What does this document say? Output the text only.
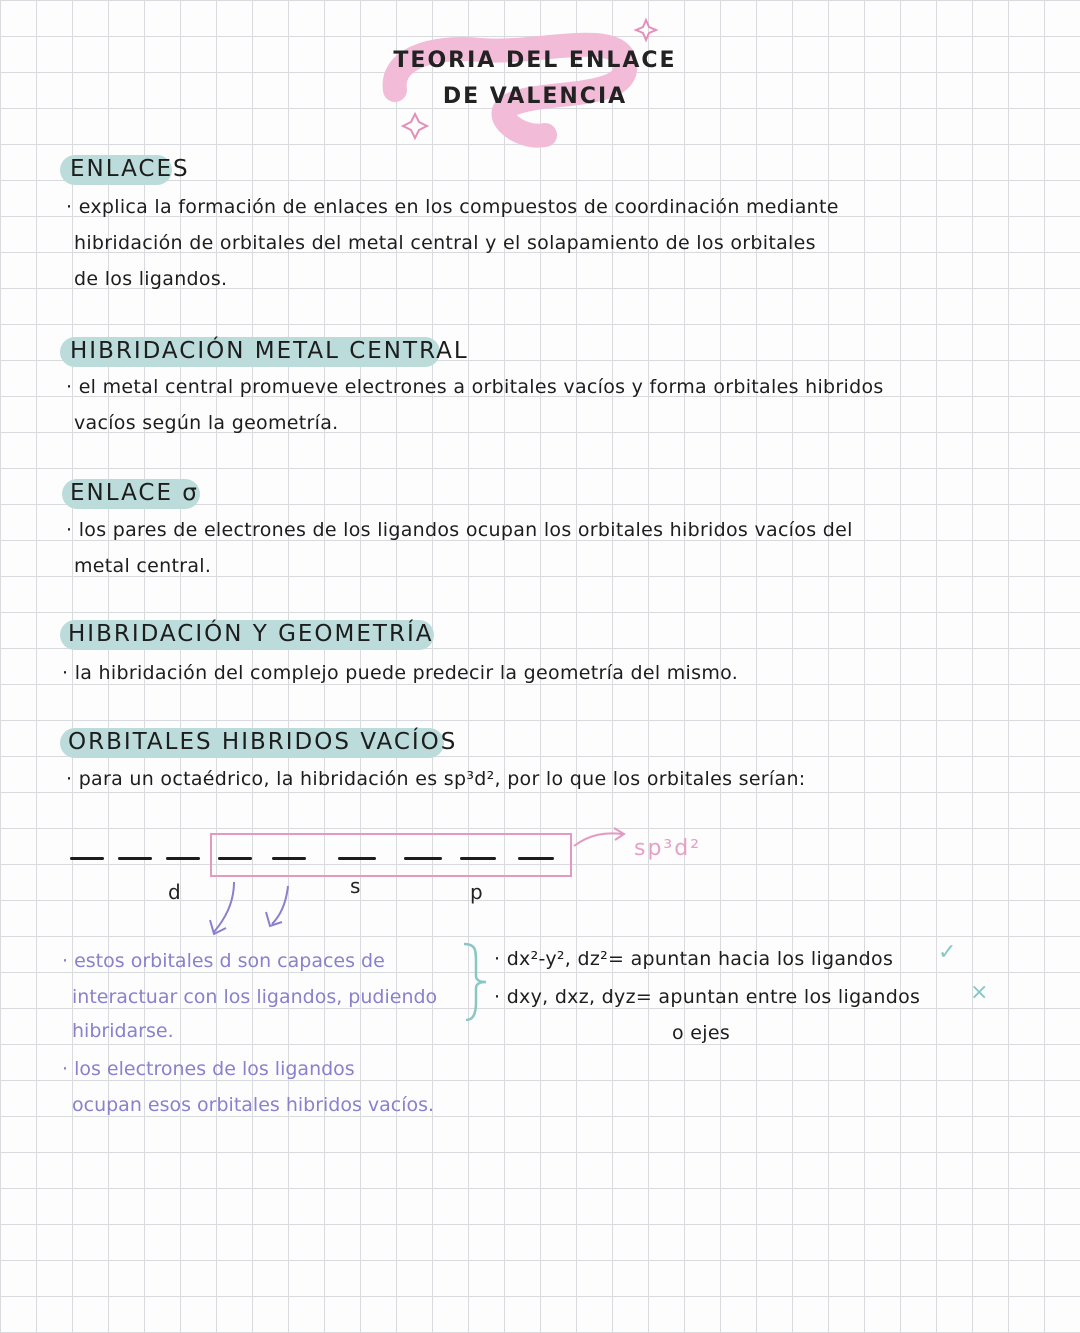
TEORIA DEL ENLACE
DE VALENCIA
ENLACES
· explica la formación de enlaces en los compuestos de coordinación mediante
hibridación de orbitales del metal central y el solapamiento de los orbitales
de los ligandos.
HIBRIDACIÓN METAL CENTRAL
· el metal central promueve electrones a orbitales vacíos y forma orbitales hibridos
vacíos según la geometría.
ENLACE σ
· los pares de electrones de los ligandos ocupan los orbitales hibridos vacíos del
metal central.
HIBRIDACIÓN Y GEOMETRÍA
· la hibridación del complejo puede predecir la geometría del mismo.
ORBITALES HIBRIDOS VACÍOS
· para un octaédrico, la hibridación es sp³d², por lo que los orbitales serían:
d	s	p
sp³d²
· estos orbitales d son capaces de
interactuar con los ligandos, pudiendo
hibridarse.
· los electrones de los ligandos
ocupan esos orbitales hibridos vacíos.
· dx²-y², dz²= apuntan hacia los ligandos ✓
· dxy, dxz, dyz= apuntan entre los ligandos ×
o ejes
